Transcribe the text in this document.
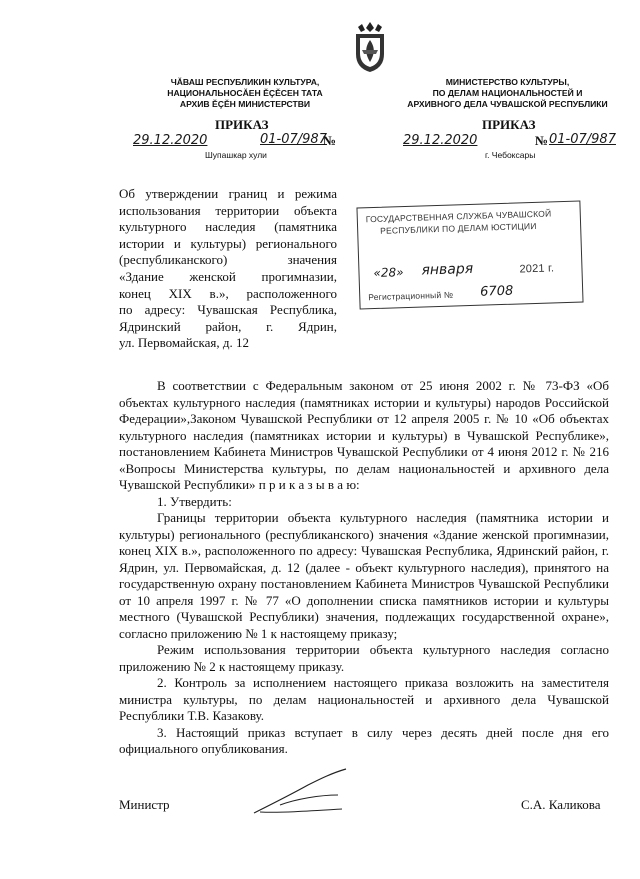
ЧĂВАШ РЕСПУБЛИКИН КУЛЬТУРА,
НАЦИОНАЛЬНОСĂЕН ĔÇĔСЕН ТАТА
АРХИВ ĔÇĔН МИНИСТЕРСТВИ
ПРИКАЗ
29.12.2020	01-07/987
№
Шупашкар хули
МИНИСТЕРСТВО КУЛЬТУРЫ,
ПО ДЕЛАМ НАЦИОНАЛЬНОСТЕЙ И
АРХИВНОГО ДЕЛА ЧУВАШСКОЙ РЕСПУБЛИКИ
ПРИКАЗ
29.12.2020	№ 01-07/987
г. Чебоксары
Об утверждении границ и режима
использования территории объекта
культурного наследия (памятника
истории и культуры) регионального
(республиканского)              значения
«Здание женской прогимназии,
конец XIX в.», расположенного
по адресу: Чувашская Республика,
Ядринский район, г. Ядрин,
ул. Первомайская, д. 12
ГОСУДАРСТВЕННАЯ СЛУЖБА ЧУВАШСКОЙ
РЕСПУБЛИКИ ПО ДЕЛАМ ЮСТИЦИИ
«28» января	2021 г.
Регистрационный № 6708
В соответствии с Федеральным законом от 25 июня 2002 г. № 73-ФЗ «Об объектах культурного наследия (памятниках истории и культуры) народов Российской Федерации»,Законом Чувашской Республики от 12 апреля 2005 г. № 10 «Об объектах культурного наследия (памятниках истории и культуры) в Чувашской Республике», постановлением Кабинета Министров Чувашской Республики от 4 июня 2012 г. № 216 «Вопросы Министерства культуры, по делам национальностей и архивного дела Чувашской Республики» п р и к а з ы в а ю:
1. Утвердить:
Границы территории объекта культурного наследия (памятника истории и культуры) регионального (республиканского) значения «Здание женской прогимназии, конец XIX в.», расположенного по адресу: Чувашская Республика, Ядринский район, г. Ядрин, ул. Первомайская, д. 12 (далее - объект культурного наследия), принятого на государственную охрану постановлением Кабинета Министров Чувашской Республики от 10 апреля 1997 г. № 77 «О дополнении списка памятников истории и культуры местного (Чувашской Республики) значения, подлежащих государственной охране», согласно приложению № 1 к настоящему приказу;
Режим использования территории объекта культурного наследия согласно приложению № 2 к настоящему приказу.
2. Контроль за исполнением настоящего приказа возложить на заместителя министра культуры, по делам национальностей и архивного дела Чувашской Республики Т.В. Казакову.
3. Настоящий приказ вступает в силу через десять дней после дня его официального опубликования.
Министр	С.А. Каликова
